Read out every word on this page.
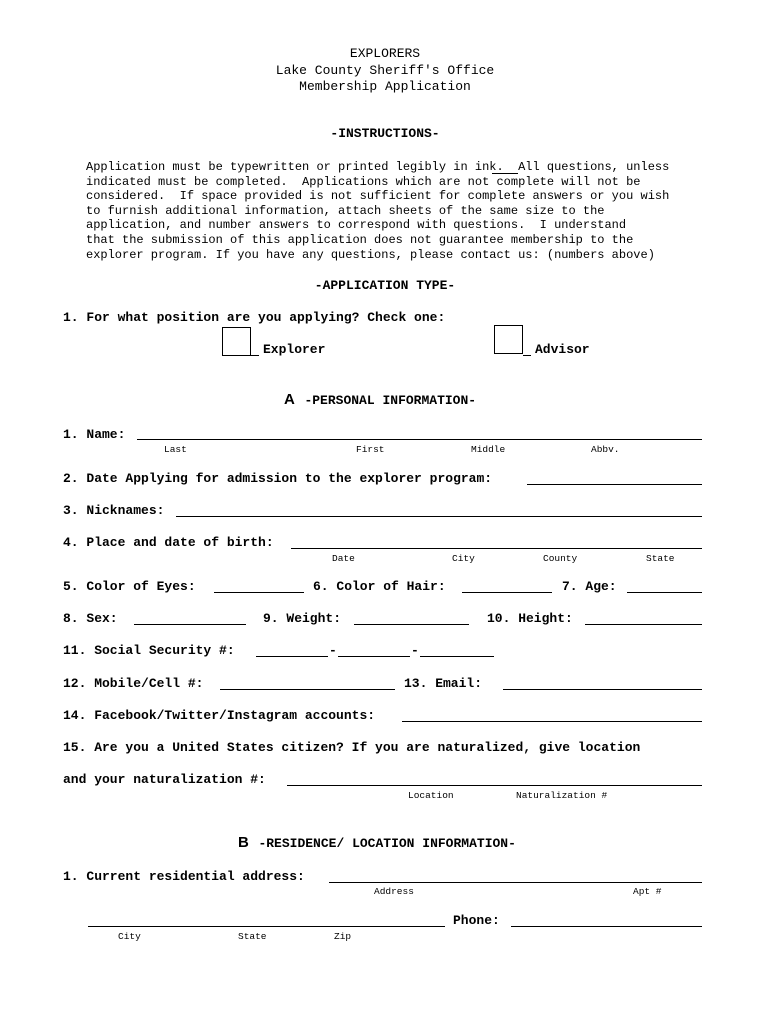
EXPLORERS
Lake County Sheriff's Office
Membership Application
-INSTRUCTIONS-
Application must be typewritten or printed legibly in ink.  All questions, unless
indicated must be completed.  Applications which are not complete will not be
considered.  If space provided is not sufficient for complete answers or you wish
to furnish additional information, attach sheets of the same size to the
application, and number answers to correspond with questions.  I understand
that the submission of this application does not guarantee membership to the
explorer program. If you have any questions, please contact us: (numbers above)
-APPLICATION TYPE-
1. For what position are you applying? Check one:
Explorer	Advisor
A -PERSONAL INFORMATION-
1. Name:
Last	First	Middle	Abbv.
2. Date Applying for admission to the explorer program:
3. Nicknames:
4. Place and date of birth:
Date	City	County	State
5. Color of Eyes:	6. Color of Hair:	7. Age:
8. Sex:	9. Weight:	10. Height:
11. Social Security #:	-	-
12. Mobile/Cell #:	13. Email:
14. Facebook/Twitter/Instagram accounts:
15. Are you a United States citizen? If you are naturalized, give location
and your naturalization #:
Location	Naturalization #
B -RESIDENCE/ LOCATION INFORMATION-
1. Current residential address:
Address	Apt #
Phone:
City	State	Zip
